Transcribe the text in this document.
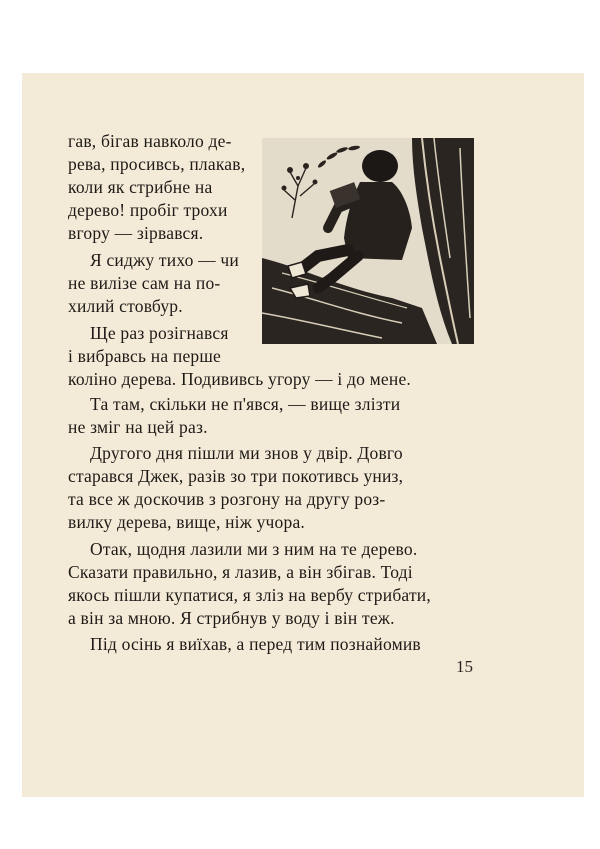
гав, бігав навколо де-
рева, просивсь, плакав,
коли як стрибне на
дерево! пробіг трохи
вгору — зірвався.
Я сиджу тихо — чи
не вилізе сам на по-
хилий стовбур.
Ще раз розігнався
і вибравсь на перше
коліно дерева. Подививсь угору — і до мене.
Та там, скільки не п'явся, — вище злізти
не зміг на цей раз.
Другого дня пішли ми знов у двір. Довго
старався Джек, разів зо три покотивсь униз,
та все ж доскочив з розгону на другу роз-
вилку дерева, вище, ніж учора.
Отак, щодня лазили ми з ним на те дерево.
Сказати правильно, я лазив, а він збігав. Тоді
якось пішли купатися, я зліз на вербу стрибати,
а він за мною. Я стрибнув у воду і він теж.
Під осінь я виїхав, а перед тим познайомив
15
